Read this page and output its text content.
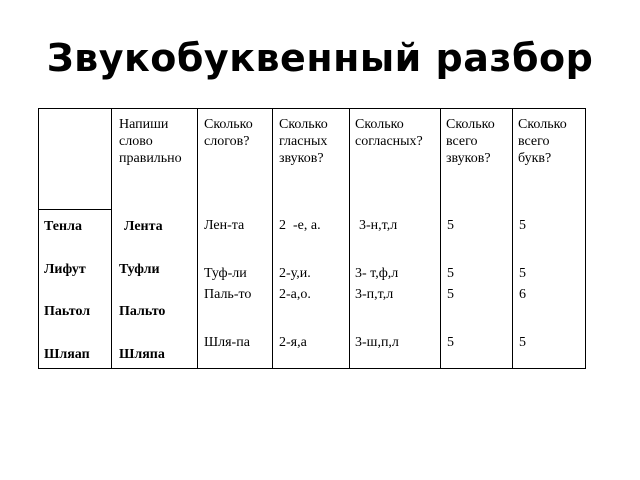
Звукобуквенный разбор
Напиши
слово
правильно
Сколько
слогов?
Сколько
гласных
звуков?
Сколько
согласных?
Сколько
всего
звуков?
Сколько
всего
букв?
Тенла
Лифут
Паьтол
Шляап
Лента
Туфли
Пальто
Шляпа
Лен-та
Туф-ли
Паль-то
Шля-па
2  -е, а.
2-у,и.
2-а,о.
2-я,а
3-н,т,л
3- т,ф,л
3-п,т,л
3-ш,п,л
5
5
5
5
5
5
6
5
